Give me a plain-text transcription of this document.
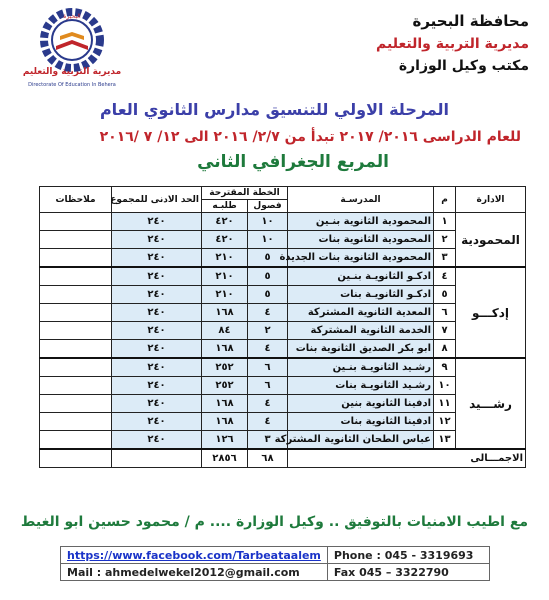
محافظة البحيرة
مديرية التربية والتعليم
مكتب وكيل الوزارة
البحيرة
مديرية التربية والتعليم
Directorate Of Education In Behera
المرحلة الاولي للتنسيق مدارس الثانوي العام
للعام الدراسى ٢٠١٦/ ٢٠١٧ تبدأ من ٢/٧/ ٢٠١٦ الى ١٢/ ٧ /٢٠١٦
المربع الجغرافي الثاني
الادارة	م	المدرسـة	الخطة المقترحة		الحد الادنى للمجموع	ملاحظات
			فصول	طلبـه		
المحمودية	١	المحمودية الثانوية بنـين	١٠	٤٢٠	٢٤٠	
	٢	المحمودية الثانوية بنات	١٠	٤٢٠	٢٤٠	
	٣	المحمودية الثانوية بنات الجديدة	٥	٢١٠	٢٤٠	
إدكـــو	٤	ادكـو الثانويـة بنـين	٥	٢١٠	٢٤٠	
	٥	ادكـو الثانويـة بنات	٥	٢١٠	٢٤٠	
	٦	المعدية الثانوية المشتركة	٤	١٦٨	٢٤٠	
	٧	الخدمة الثانوية المشتركة	٢	٨٤	٢٤٠	
	٨	ابو بكر الصديق الثانوية بنات	٤	١٦٨	٢٤٠	
رشـــيد	٩	رشـيد الثانويـة بنـين	٦	٢٥٢	٢٤٠	
	١٠	رشـيد الثانويـة بنات	٦	٢٥٢	٢٤٠	
	١١	ادفينا الثانوية بنين	٤	١٦٨	٢٤٠	
	١٢	ادفينا الثانوية بنات	٤	١٦٨	٢٤٠	
	١٣	عباس الطحان الثانوية المشتركة	٣	١٢٦	٢٤٠	
الاجمـــالى			٦٨	٢٨٥٦		
مع اطيب الامنيات بالتوفيق .. وكيل الوزارة .... م / محمود حسين ابو الغيط
https://www.facebook.com/Tarbeataalem	Phone : 045 - 3319693
Mail : ahmedelwekel2012@gmail.com	Fax 045 – 3322790
